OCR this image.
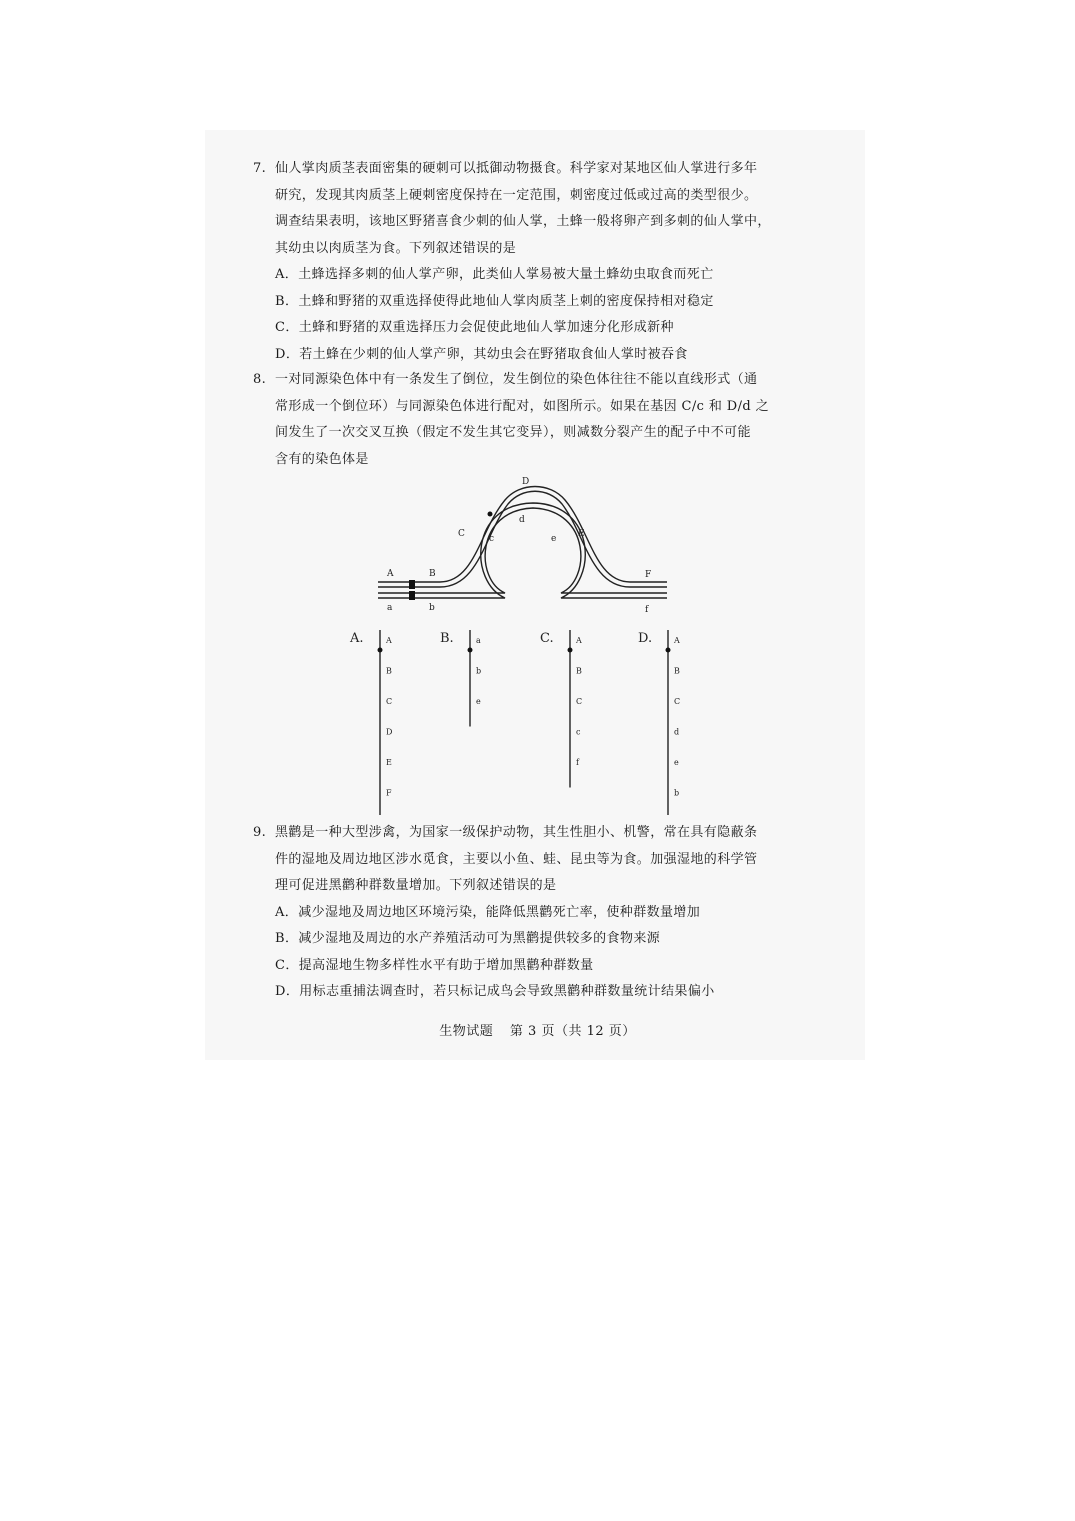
7. 仙人掌肉质茎表面密集的硬刺可以抵御动物摄食。科学家对某地区仙人掌进行多年
研究，发现其肉质茎上硬刺密度保持在一定范围，刺密度过低或过高的类型很少。
调查结果表明，该地区野猪喜食少刺的仙人掌，土蜂一般将卵产到多刺的仙人掌中，
其幼虫以肉质茎为食。下列叙述错误的是
A．土蜂选择多刺的仙人掌产卵，此类仙人掌易被大量土蜂幼虫取食而死亡
B．土蜂和野猪的双重选择使得此地仙人掌肉质茎上刺的密度保持相对稳定
C．土蜂和野猪的双重选择压力会促使此地仙人掌加速分化形成新种
D．若土蜂在少刺的仙人掌产卵，其幼虫会在野猪取食仙人掌时被吞食
8. 一对同源染色体中有一条发生了倒位，发生倒位的染色体往往不能以直线形式（通
常形成一个倒位环）与同源染色体进行配对，如图所示。如果在基因 C/c 和 D/d 之
间发生了一次交叉互换（假定不发生其它变异），则减数分裂产生的配子中不可能
含有的染色体是
A	B
C
D
E
F
a	b
c
d
e
f
A.	A
B
C
D
E
F
B.	a
b
e
C.	A
B
C
c
f
D.	A
B
C
d
e
b
9. 黑鹳是一种大型涉禽，为国家一级保护动物，其生性胆小、机警，常在具有隐蔽条
件的湿地及周边地区涉水觅食，主要以小鱼、蛙、昆虫等为食。加强湿地的科学管
理可促进黑鹳种群数量增加。下列叙述错误的是
A．减少湿地及周边地区环境污染，能降低黑鹳死亡率，使种群数量增加
B．减少湿地及周边的水产养殖活动可为黑鹳提供较多的食物来源
C．提高湿地生物多样性水平有助于增加黑鹳种群数量
D．用标志重捕法调查时，若只标记成鸟会导致黑鹳种群数量统计结果偏小
生物试题 第 3 页（共 12 页）
